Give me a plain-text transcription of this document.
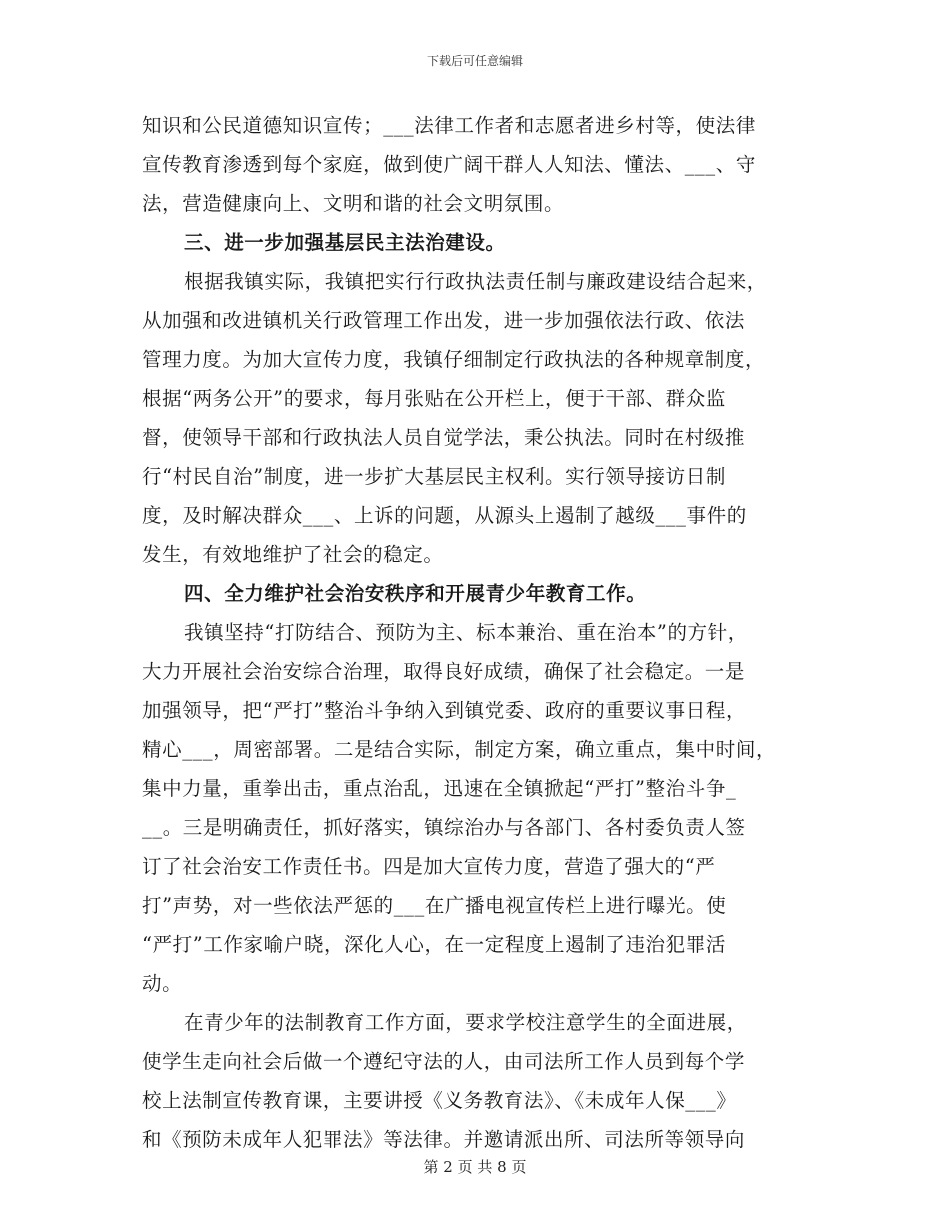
下载后可任意编辑
知识和公民道德知识宣传；___法律工作者和志愿者进乡村等，使法律
宣传教育渗透到每个家庭，做到使广阔干群人人知法、懂法、___、守
法，营造健康向上、文明和谐的社会文明氛围。
三、进一步加强基层民主法治建设。
根据我镇实际，我镇把实行行政执法责任制与廉政建设结合起来，
从加强和改进镇机关行政管理工作出发，进一步加强依法行政、依法
管理力度。为加大宣传力度，我镇仔细制定行政执法的各种规章制度，
根据“两务公开”的要求，每月张贴在公开栏上，便于干部、群众监
督，使领导干部和行政执法人员自觉学法，秉公执法。同时在村级推
行“村民自治”制度，进一步扩大基层民主权利。实行领导接访日制
度，及时解决群众___、上诉的问题，从源头上遏制了越级___事件的
发生，有效地维护了社会的稳定。
四、全力维护社会治安秩序和开展青少年教育工作。
我镇坚持“打防结合、预防为主、标本兼治、重在治本”的方针，
大力开展社会治安综合治理，取得良好成绩，确保了社会稳定。一是
加强领导，把“严打”整治斗争纳入到镇党委、政府的重要议事日程，
精心___，周密部署。二是结合实际，制定方案，确立重点，集中时间，
集中力量，重拳出击，重点治乱，迅速在全镇掀起“严打”整治斗争_
__。三是明确责任，抓好落实，镇综治办与各部门、各村委负责人签
订了社会治安工作责任书。四是加大宣传力度，营造了强大的“严
打”声势，对一些依法严惩的___在广播电视宣传栏上进行曝光。使
“严打”工作家喻户晓，深化人心，在一定程度上遏制了违治犯罪活
动。
在青少年的法制教育工作方面，要求学校注意学生的全面进展，
使学生走向社会后做一个遵纪守法的人，由司法所工作人员到每个学
校上法制宣传教育课，主要讲授《义务教育法》、《未成年人保___》
和《预防未成年人犯罪法》等法律。并邀请派出所、司法所等领导向
第 2 页 共 8 页
